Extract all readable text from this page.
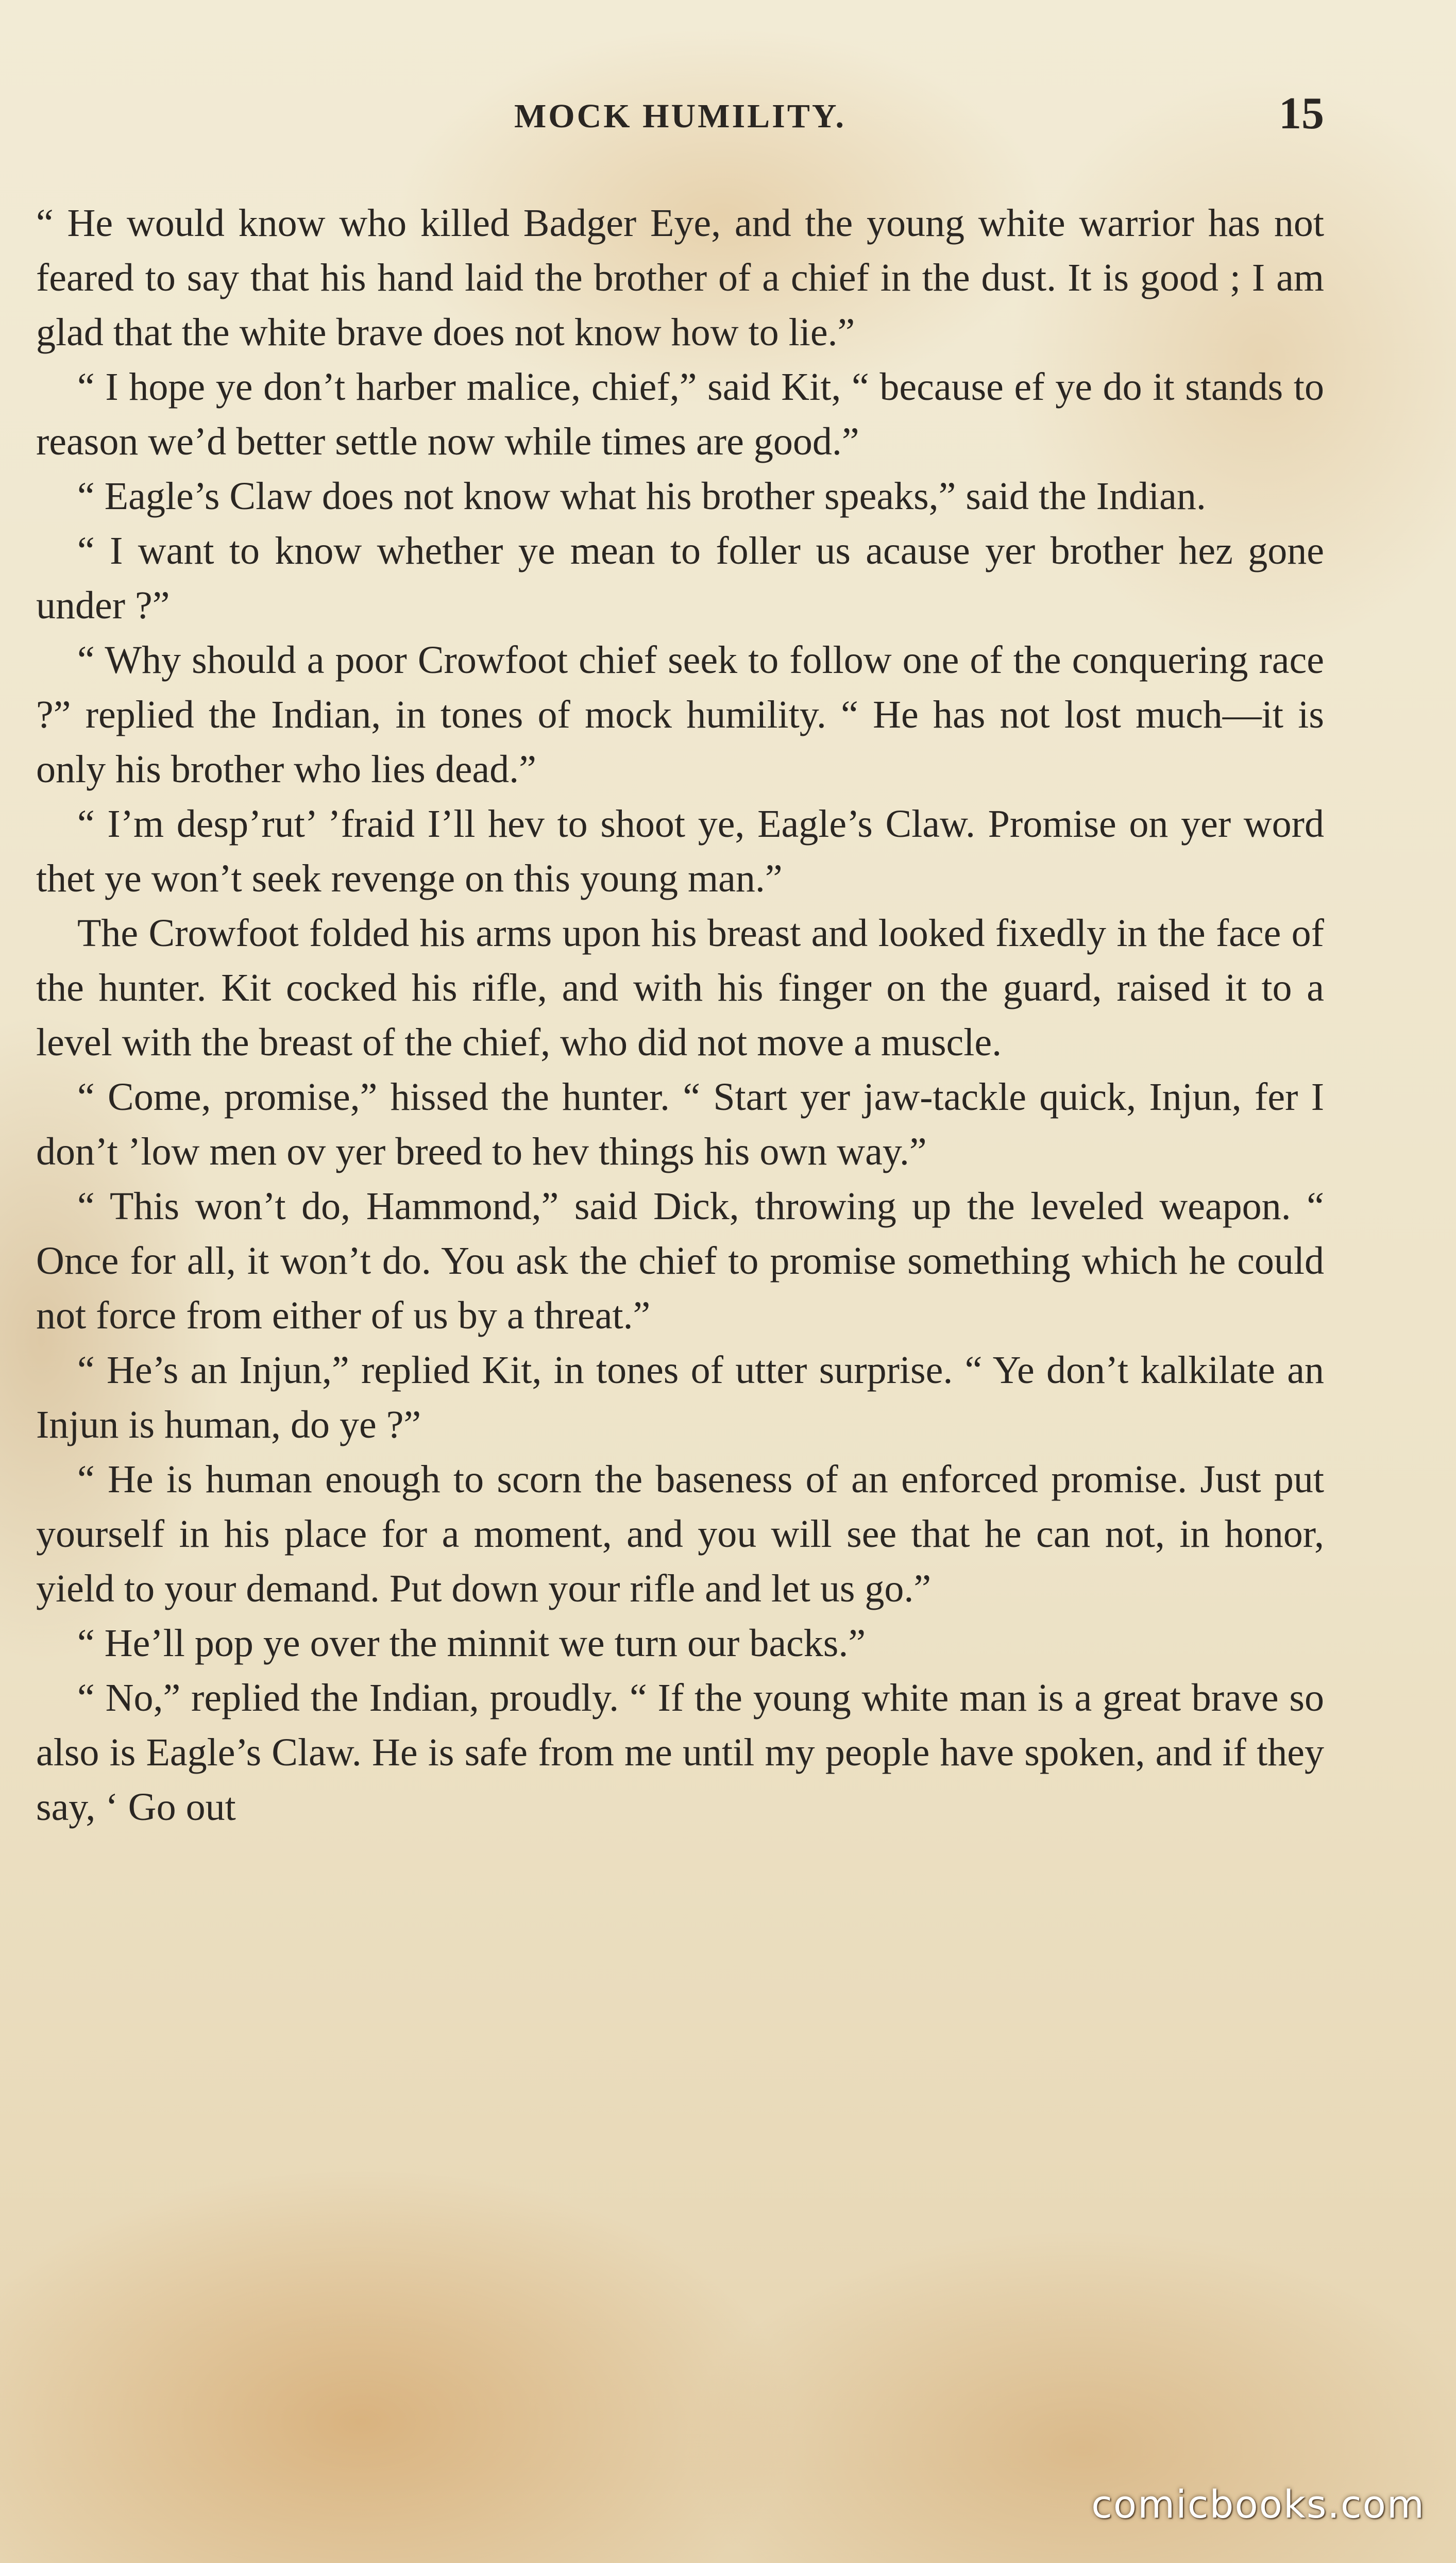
MOCK HUMILITY.	15

“ He would know who killed Badger Eye, and the young white warrior has not feared to say that his hand laid the brother of a chief in the dust. It is good ; I am glad that the white brave does not know how to lie.”

“ I hope ye don’t harber malice, chief,” said Kit, “ because ef ye do it stands to reason we’d better settle now while times are good.”

“ Eagle’s Claw does not know what his brother speaks,” said the Indian.

“ I want to know whether ye mean to foller us acause yer brother hez gone under ?”

“ Why should a poor Crowfoot chief seek to follow one of the conquering race ?” replied the Indian, in tones of mock humility. “ He has not lost much—it is only his brother who lies dead.”

“ I’m desp’rut’ ’fraid I’ll hev to shoot ye, Eagle’s Claw. Promise on yer word thet ye won’t seek revenge on this young man.”

The Crowfoot folded his arms upon his breast and looked fixedly in the face of the hunter. Kit cocked his rifle, and with his finger on the guard, raised it to a level with the breast of the chief, who did not move a muscle.

“ Come, promise,” hissed the hunter. “ Start yer jaw-tackle quick, Injun, fer I don’t ’low men ov yer breed to hev things his own way.”

“ This won’t do, Hammond,” said Dick, throwing up the leveled weapon. “ Once for all, it won’t do. You ask the chief to promise something which he could not force from either of us by a threat.”

“ He’s an Injun,” replied Kit, in tones of utter surprise. “ Ye don’t kalkilate an Injun is human, do ye ?”

“ He is human enough to scorn the baseness of an enforced promise. Just put yourself in his place for a moment, and you will see that he can not, in honor, yield to your demand. Put down your rifle and let us go.”

“ He’ll pop ye over the minnit we turn our backs.”

“ No,” replied the Indian, proudly. “ If the young white man is a great brave so also is Eagle’s Claw. He is safe from me until my people have spoken, and if they say, ‘ Go out

comicbooks.com
